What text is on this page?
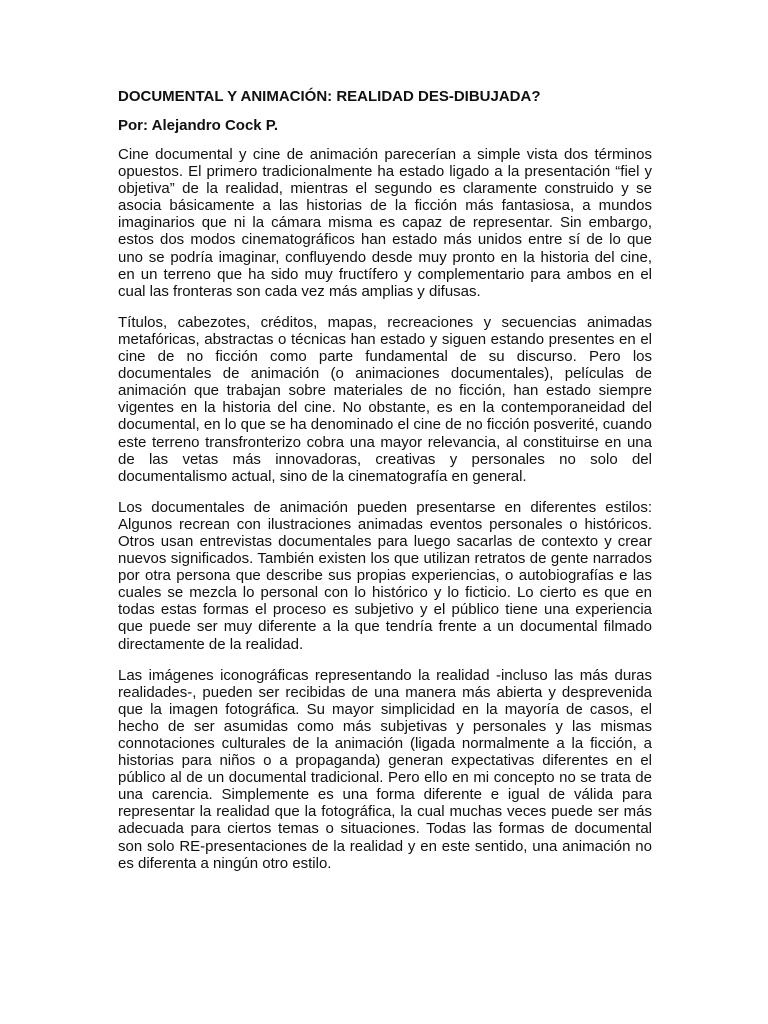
DOCUMENTAL Y ANIMACIÓN: REALIDAD DES-DIBUJADA?
Por: Alejandro Cock P.

Cine documental y cine de animación parecerían a simple vista dos términos opuestos. El primero tradicionalmente ha estado ligado a la presentación “fiel y objetiva” de la realidad, mientras el segundo es claramente construido y se asocia básicamente a las historias de la ficción más fantasiosa, a mundos imaginarios que ni la cámara misma es capaz de representar. Sin embargo, estos dos modos cinematográficos han estado más unidos entre sí de lo que uno se podría imaginar, confluyendo desde muy pronto en la historia del cine, en un terreno que ha sido muy fructífero y complementario para ambos en el cual las fronteras son cada vez más amplias y difusas.

Títulos, cabezotes, créditos, mapas, recreaciones y secuencias animadas metafóricas, abstractas o técnicas han estado y siguen estando presentes en el cine de no ficción como parte fundamental de su discurso. Pero los documentales de animación (o animaciones documentales), películas de animación que trabajan sobre materiales de no ficción, han estado siempre vigentes en la historia del cine. No obstante, es en la contemporaneidad del documental, en lo que se ha denominado el cine de no ficción posverité, cuando este terreno transfronterizo cobra una mayor relevancia, al constituirse en una de las vetas más innovadoras, creativas y personales no solo del documentalismo actual, sino de la cinematografía en general.

Los documentales de animación pueden presentarse en diferentes estilos: Algunos recrean con ilustraciones animadas eventos personales o históricos. Otros usan entrevistas documentales para luego sacarlas de contexto y crear nuevos significados. También existen los que utilizan retratos de gente narrados por otra persona que describe sus propias experiencias, o autobiografías e las cuales se mezcla lo personal con lo histórico y lo ficticio. Lo cierto es que en todas estas formas el proceso es subjetivo y el público tiene una experiencia que puede ser muy diferente a la que tendría frente a un documental filmado directamente de la realidad.

Las imágenes iconográficas representando la realidad -incluso las más duras realidades-, pueden ser recibidas de una manera más abierta y desprevenida que la imagen fotográfica. Su mayor simplicidad en la mayoría de casos, el hecho de ser asumidas como más subjetivas y personales y las mismas connotaciones culturales de la animación (ligada normalmente a la ficción, a historias para niños o a propaganda) generan expectativas diferentes en el público al de un documental tradicional. Pero ello en mi concepto no se trata de una carencia. Simplemente es una forma diferente e igual de válida para representar la realidad que la fotográfica, la cual muchas veces puede ser más adecuada para ciertos temas o situaciones. Todas las formas de documental son solo RE-presentaciones de la realidad y en este sentido, una animación no es diferenta a ningún otro estilo.
